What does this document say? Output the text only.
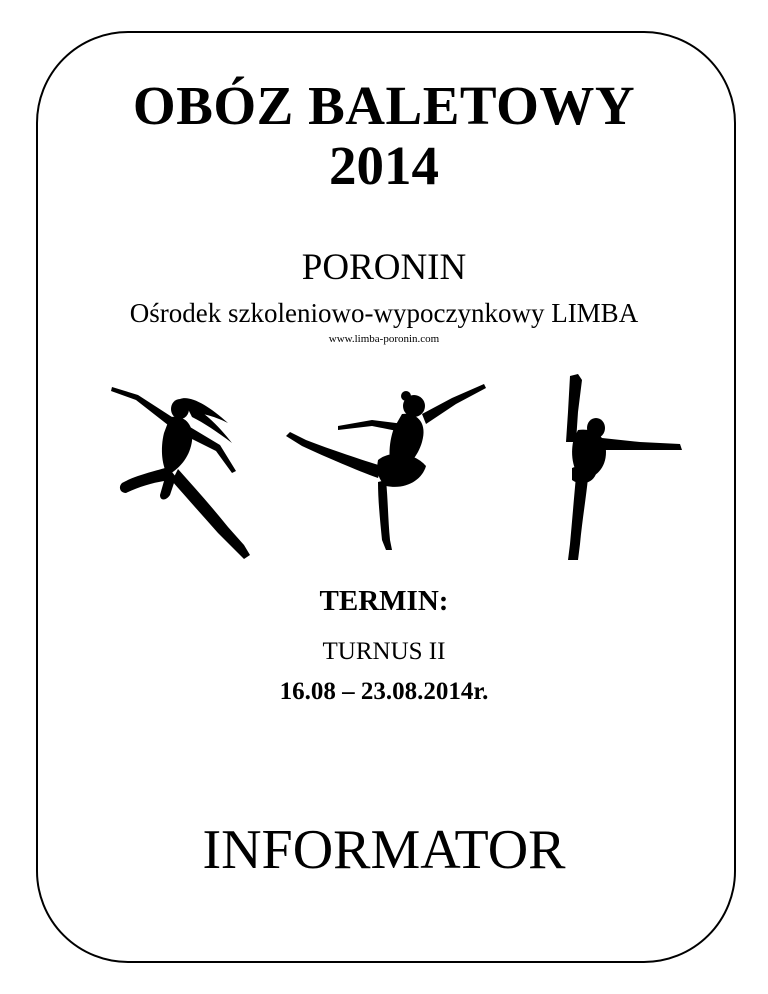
OBÓZ BALETOWY
2014
PORONIN
Ośrodek szkoleniowo-wypoczynkowy LIMBA
www.limba-poronin.com
TERMIN:
TURNUS II
16.08 – 23.08.2014r.
INFORMATOR
